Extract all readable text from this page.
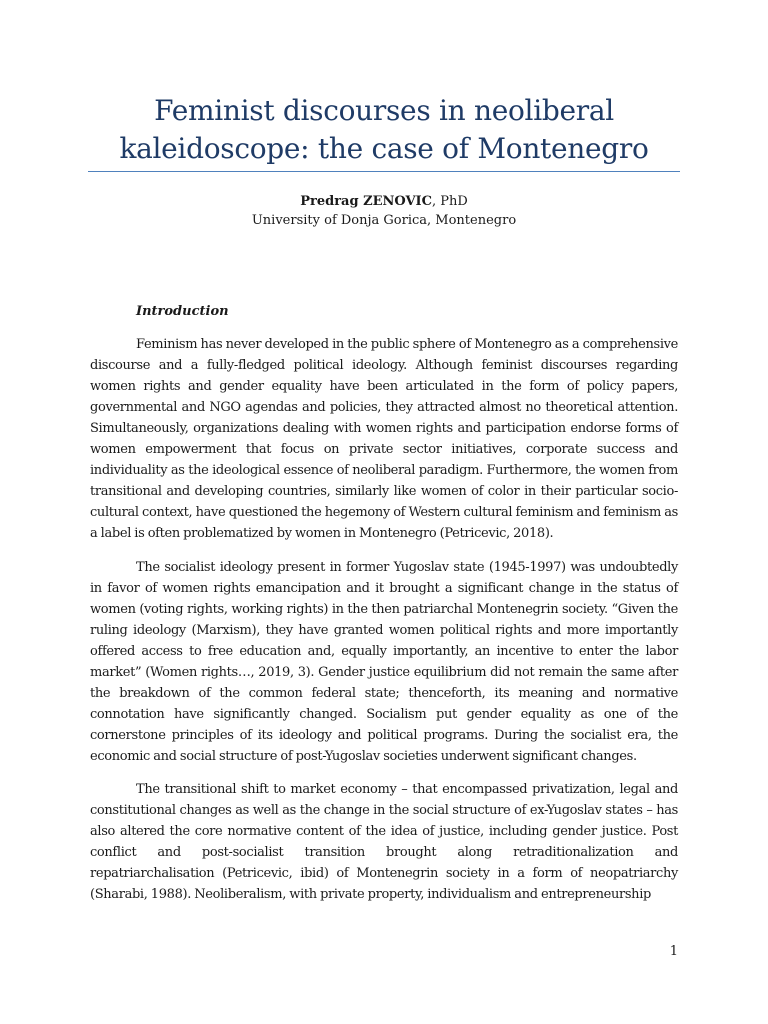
Feminist discourses in neoliberal
kaleidoscope: the case of Montenegro
Predrag ZENOVIC, PhD
University of Donja Gorica, Montenegro
Introduction

Feminism has never developed in the public sphere of Montenegro as a comprehensive discourse and a fully-fledged political ideology. Although feminist discourses regarding women rights and gender equality have been articulated in the form of policy papers, governmental and NGO agendas and policies, they attracted almost no theoretical attention. Simultaneously, organizations dealing with women rights and participation endorse forms of women empowerment that focus on private sector initiatives, corporate success and individuality as the ideological essence of neoliberal paradigm. Furthermore, the women from transitional and developing countries, similarly like women of color in their particular socio-cultural context, have questioned the hegemony of Western cultural feminism and feminism as a label is often problematized by women in Montenegro (Petricevic, 2018).

The socialist ideology present in former Yugoslav state (1945-1997) was undoubtedly in favor of women rights emancipation and it brought a significant change in the status of women (voting rights, working rights) in the then patriarchal Montenegrin society. “Given the ruling ideology (Marxism), they have granted women political rights and more importantly offered access to free education and, equally importantly, an incentive to enter the labor market” (Women rights…, 2019, 3). Gender justice equilibrium did not remain the same after the breakdown of the common federal state; thenceforth, its meaning and normative connotation have significantly changed. Socialism put gender equality as one of the cornerstone principles of its ideology and political programs. During the socialist era, the economic and social structure of post-Yugoslav societies underwent significant changes.

The transitional shift to market economy – that encompassed privatization, legal and constitutional changes as well as the change in the social structure of ex-Yugoslav states – has also altered the core normative content of the idea of justice, including gender justice. Post conflict and post-socialist transition brought along retraditionalization and repatriarchalisation (Petricevic, ibid) of Montenegrin society in a form of neopatriarchy (Sharabi, 1988). Neoliberalism, with private property, individualism and entrepreneurship

1
